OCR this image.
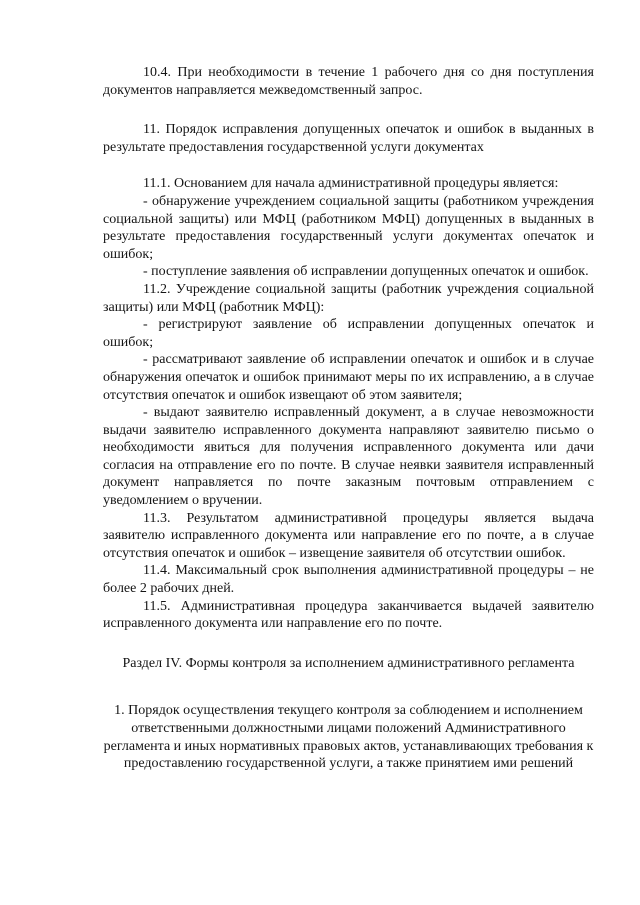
10.4. При необходимости в течение 1 рабочего дня со дня поступления документов направляется межведомственный запрос.

11. Порядок исправления допущенных опечаток и ошибок в выданных в результате предоставления государственной услуги документах

11.1. Основанием для начала административной процедуры является:

- обнаружение учреждением социальной защиты (работником учреждения социальной защиты) или МФЦ (работником МФЦ) допущенных в выданных в результате предоставления государственный услуги документах опечаток и ошибок;

- поступление заявления об исправлении допущенных опечаток и ошибок.

11.2. Учреждение социальной защиты (работник учреждения социальной защиты) или МФЦ (работник МФЦ):

- регистрируют заявление об исправлении допущенных опечаток и ошибок;

- рассматривают заявление об исправлении опечаток и ошибок и в случае обнаружения опечаток и ошибок принимают меры по их исправлению, а в случае отсутствия опечаток и ошибок извещают об этом заявителя;

- выдают заявителю исправленный документ, а в случае невозможности выдачи заявителю исправленного документа направляют заявителю письмо о необходимости явиться для получения исправленного документа или дачи согласия на отправление его по почте. В случае неявки заявителя исправленный документ направляется по почте заказным почтовым отправлением с уведомлением о вручении.

11.3. Результатом административной процедуры является выдача заявителю исправленного документа или направление его по почте, а в случае отсутствия опечаток и ошибок – извещение заявителя об отсутствии ошибок.

11.4. Максимальный срок выполнения административной процедуры – не более 2 рабочих дней.

11.5. Административная процедура заканчивается выдачей заявителю исправленного документа или направление его по почте.

Раздел IV. Формы контроля за исполнением административного регламента

1. Порядок осуществления текущего контроля за соблюдением и исполнением ответственными должностными лицами положений Административного регламента и иных нормативных правовых актов, устанавливающих требования к предоставлению государственной услуги, а также принятием ими решений
